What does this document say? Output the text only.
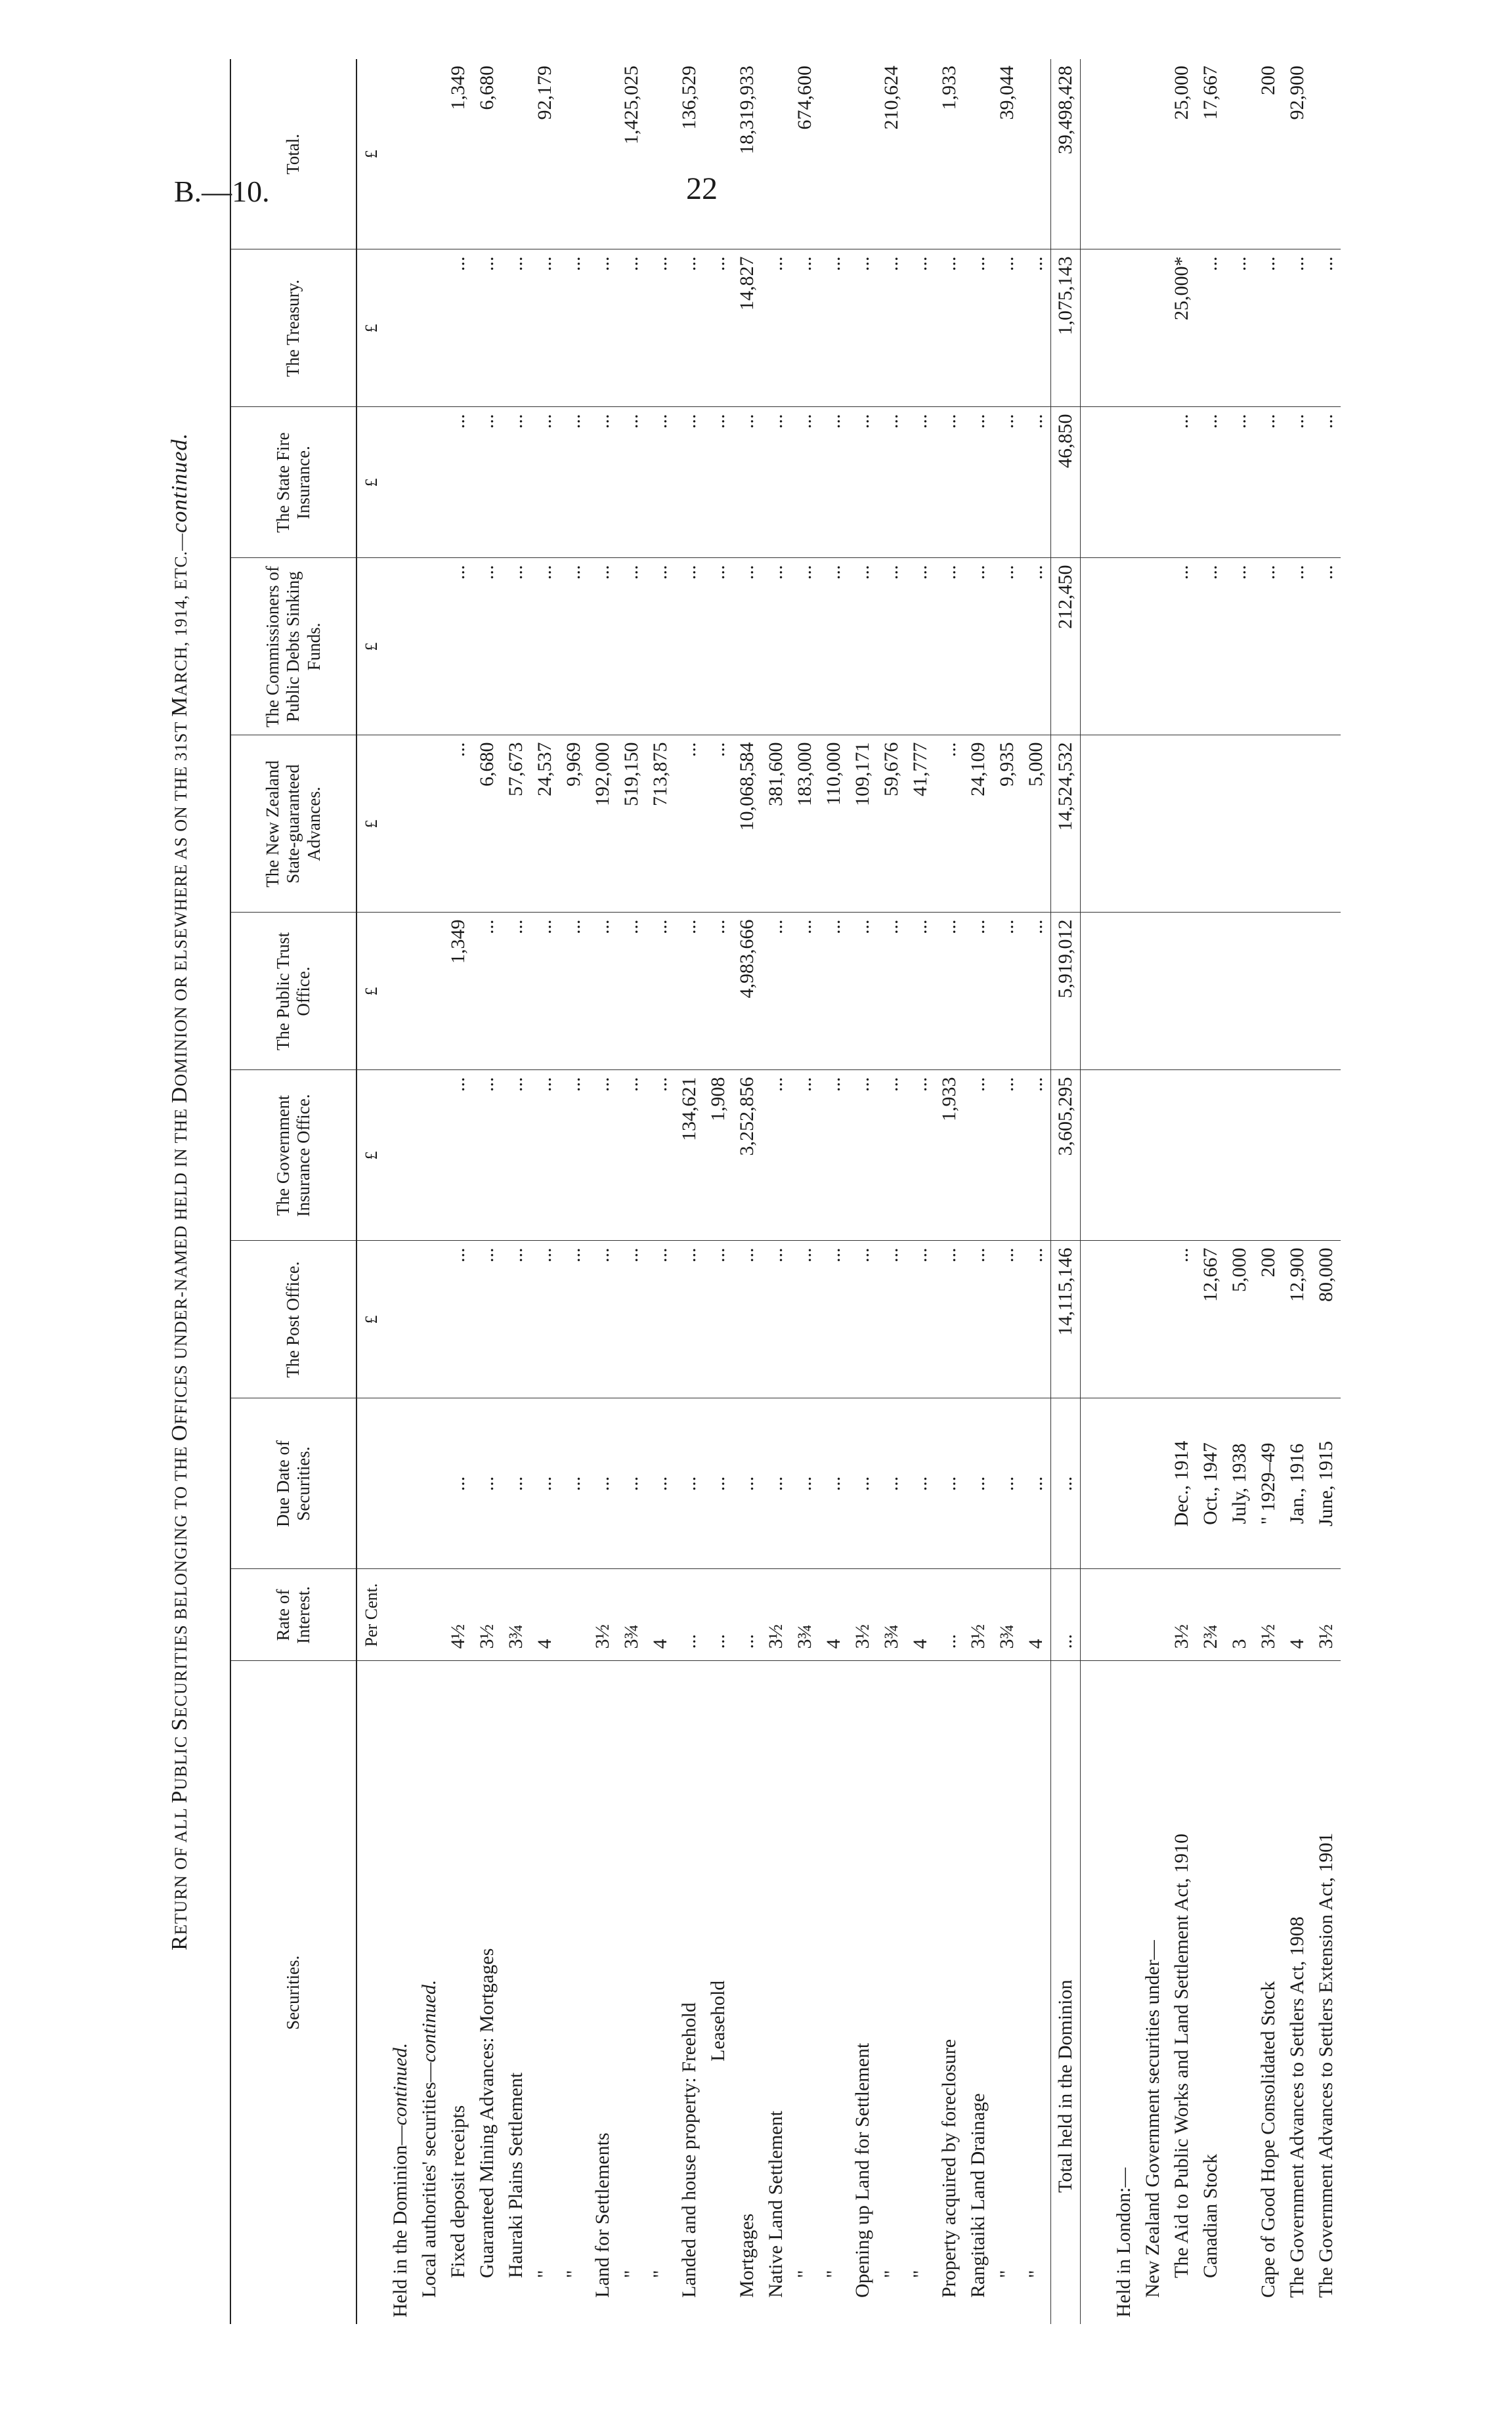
B.—10.	22
RETURN OF ALL PUBLIC SECURITIES BELONGING TO THE OFFICES UNDER-NAMED HELD IN THE DOMINION OR ELSEWHERE AS ON THE 31ST MARCH, 1914, ETC.—continued.
Securities.	Rate of Interest.	Due Date of Securities.	The Post Office.	The Government Insurance Office.	The Public Trust Office.	The New Zealand State-guaranteed Advances.	The Commissioners of Public Debts Sinking Funds.	The State Fire Insurance.	The Treasury.	Total.
	Per Cent.		£	£	£	£	£	£	£	£
Held in the Dominion—continued.										
Local authorities' securities—continued.										
Fixed deposit receipts	4½	...	...	...	1,349	...	...	...	...	1,349
Guaranteed Mining Advances: Mortgages	3½	...	...	...	...	6,680	...	...	...	6,680
Hauraki Plains Settlement	3¾	...	...	...	...	57,673	...	...	...	
"	4	...	...	...	...	24,537	...	...	...	92,179
"		...	...	...	...	9,969	...	...	...	
Land for Settlements	3½	...	...	...	...	192,000	...	...	...	
"	3¾	...	...	...	...	519,150	...	...	...	1,425,025
"	4	...	...	...	...	713,875	...	...	...	
Landed and house property: Freehold	...	...	...	134,621	...	...	...	...	...	136,529
Leasehold	...	...	...	1,908	...	...	...	...	...	
Mortgages	...	...	...	3,252,856	4,983,666	10,068,584	...	...	14,827	18,319,933
Native Land Settlement	3½	...	...	...	...	381,600	...	...	...	
"	3¾	...	...	...	...	183,000	...	...	...	674,600
"	4	...	...	...	...	110,000	...	...	...	
Opening up Land for Settlement	3½	...	...	...	...	109,171	...	...	...	
"	3¾	...	...	...	...	59,676	...	...	...	210,624
"	4	...	...	...	...	41,777	...	...	...	
Property acquired by foreclosure	...	...	...	1,933	...	...	...	...	...	1,933
Rangitaiki Land Drainage	3½	...	...	...	...	24,109	...	...	...	
"	3¾	...	...	...	...	9,935	...	...	...	39,044
"	4	...	...	...	...	5,000	...	...	...	
Total held in the Dominion	...	...	14,115,146	3,605,295	5,919,012	14,524,532	212,450	46,850	1,075,143	39,498,428

Held in London:—										
New Zealand Government securities under—										
The Aid to Public Works and Land Settlement Act, 1910	3½	Dec., 1914	...				...	...	25,000*	25,000
Canadian Stock	2¾	Oct., 1947	12,667				...	...	...	17,667
	3	July, 1938	5,000				...	...	...	
Cape of Good Hope Consolidated Stock	3½	" 1929–49	200				...	...	...	200
The Government Advances to Settlers Act, 1908	4	Jan., 1916	12,900				...	...	...	92,900
The Government Advances to Settlers Extension Act, 1901	3½	June, 1915	80,000				...	...	...	
